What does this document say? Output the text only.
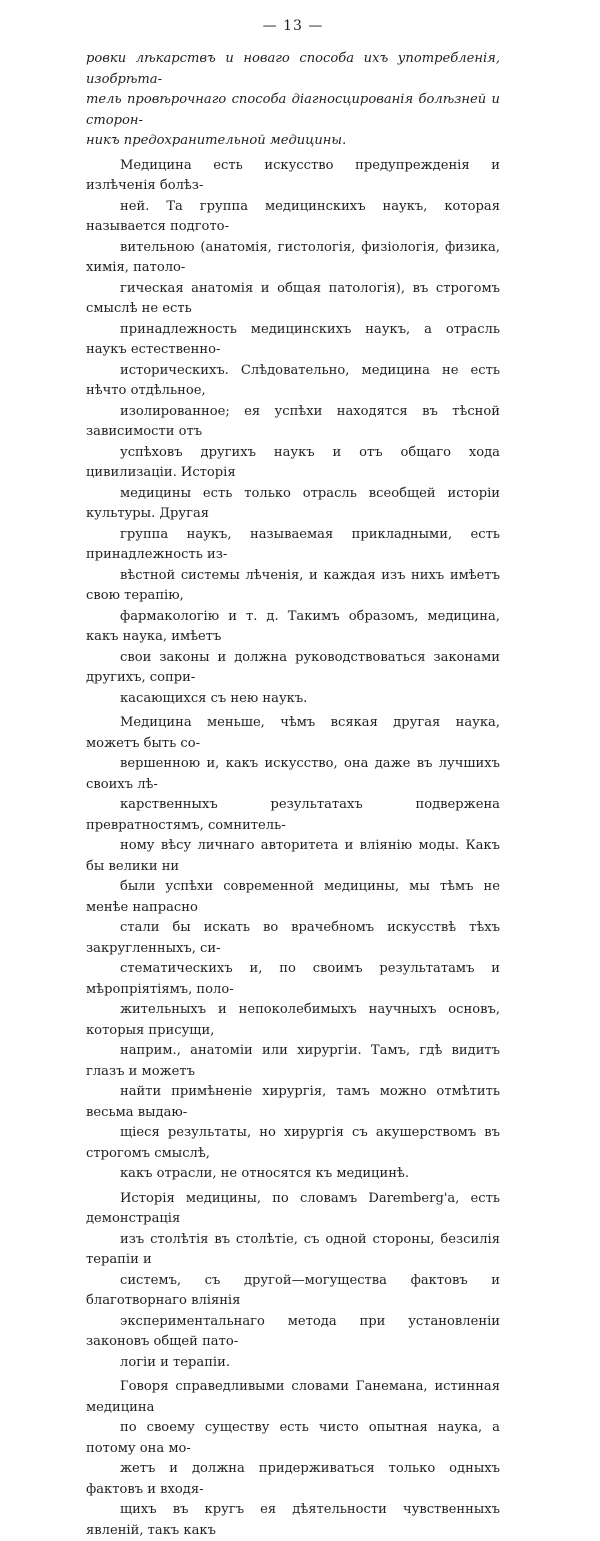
— 13 —

ровки лѣкарствъ и новаго способа ихъ употребленія, изобрѣта-
тель провѣрочнаго способа діагносцированія болѣзней и сторон-
никъ предохранительной медицины.

Медицина есть искусство предупрежденія и излѣченія болѣз-
ней. Та группа медицинскихъ наукъ, которая называется подгото-
вительною (анатомія, гистологія, физіологія, физика, химія, патоло-
гическая анатомія и общая патологія), въ строгомъ смыслѣ не есть
принадлежность медицинскихъ наукъ, а отрасль наукъ естественно-
историческихъ. Слѣдовательно, медицина не есть нѣчто отдѣльное,
изолированное; ея успѣхи находятся въ тѣсной зависимости отъ
успѣховъ другихъ наукъ и отъ общаго хода цивилизаціи. Исторія
медицины есть только отрасль всеобщей исторіи культуры. Другая
группа наукъ, называемая прикладными, есть принадлежность из-
вѣстной системы лѣченія, и каждая изъ нихъ имѣетъ свою терапію,
фармакологію и т. д. Такимъ образомъ, медицина, какъ наука, имѣетъ
свои законы и должна руководствоваться законами другихъ, сопри-
касающихся съ нею наукъ.

Медицина меньше, чѣмъ всякая другая наука, можетъ быть со-
вершенною и, какъ искусство, она даже въ лучшихъ своихъ лѣ-
карственныхъ результатахъ подвержена превратностямъ, сомнитель-
ному вѣсу личнаго авторитета и вліянію моды. Какъ бы велики ни
были успѣхи современной медицины, мы тѣмъ не менѣе напрасно
стали бы искать во врачебномъ искусствѣ тѣхъ закругленныхъ, си-
стематическихъ и, по своимъ результатамъ и мѣропріятіямъ, поло-
жительныхъ и непоколебимыхъ научныхъ основъ, которыя присущи,
наприм., анатоміи или хирургіи. Тамъ, гдѣ видитъ глазъ и можетъ
найти примѣненіе хирургія, тамъ можно отмѣтить весьма выдаю-
щіеся результаты, но хирургія съ акушерствомъ въ строгомъ смыслѣ,
какъ отрасли, не относятся къ медицинѣ.

Исторія медицины, по словамъ Daremberg'а, есть демонстрація
изъ столѣтія въ столѣтіе, съ одной стороны, безсилія терапіи и
системъ, съ другой—могущества фактовъ и благотворнаго вліянія
экспериментальнаго метода при установленіи законовъ общей пато-
логіи и терапіи.

Говоря справедливыми словами Ганемана, истинная медицина
по своему существу есть чисто опытная наука, а потому она мо-
жетъ и должна придерживаться только одныхъ фактовъ и входя-
щихъ въ кругъ ея дѣятельности чувственныхъ явленій, такъ какъ
